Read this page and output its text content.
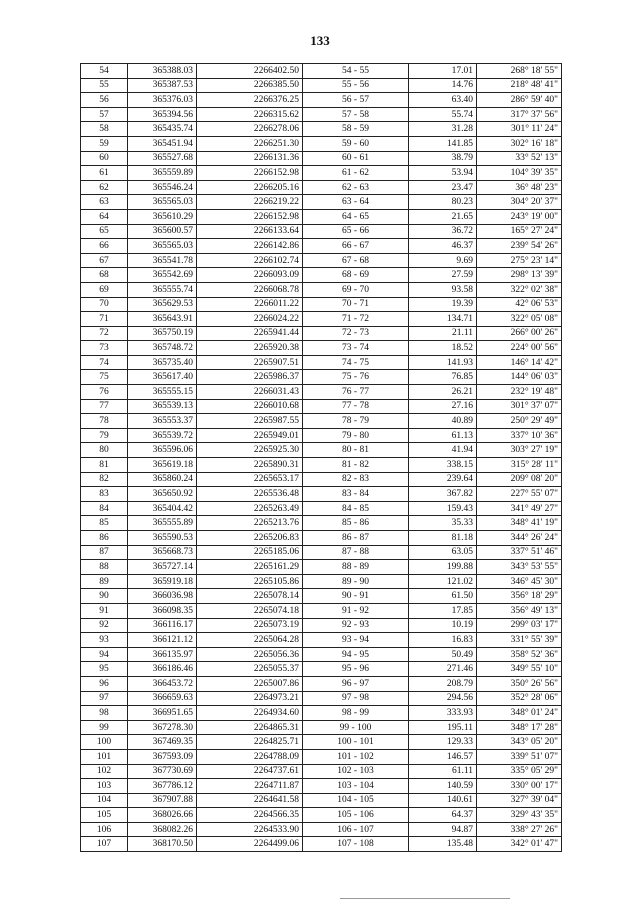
133
54	365388.03	2266402.50	54 - 55	17.01	268° 18' 55"
55	365387.53	2266385.50	55 - 56	14.76	218° 48' 41"
56	365376.03	2266376.25	56 - 57	63.40	286° 59' 40"
57	365394.56	2266315.62	57 - 58	55.74	317° 37' 56"
58	365435.74	2266278.06	58 - 59	31.28	301° 11' 24"
59	365451.94	2266251.30	59 - 60	141.85	302° 16' 18"
60	365527.68	2266131.36	60 - 61	38.79	33° 52' 13"
61	365559.89	2266152.98	61 - 62	53.94	104° 39' 35"
62	365546.24	2266205.16	62 - 63	23.47	36° 48' 23"
63	365565.03	2266219.22	63 - 64	80.23	304° 20' 37"
64	365610.29	2266152.98	64 - 65	21.65	243° 19' 00"
65	365600.57	2266133.64	65 - 66	36.72	165° 27' 24"
66	365565.03	2266142.86	66 - 67	46.37	239° 54' 26"
67	365541.78	2266102.74	67 - 68	9.69	275° 23' 14"
68	365542.69	2266093.09	68 - 69	27.59	298° 13' 39"
69	365555.74	2266068.78	69 - 70	93.58	322° 02' 38"
70	365629.53	2266011.22	70 - 71	19.39	42° 06' 53"
71	365643.91	2266024.22	71 - 72	134.71	322° 05' 08"
72	365750.19	2265941.44	72 - 73	21.11	266° 00' 26"
73	365748.72	2265920.38	73 - 74	18.52	224° 00' 56"
74	365735.40	2265907.51	74 - 75	141.93	146° 14' 42"
75	365617.40	2265986.37	75 - 76	76.85	144° 06' 03"
76	365555.15	2266031.43	76 - 77	26.21	232° 19' 48"
77	365539.13	2266010.68	77 - 78	27.16	301° 37' 07"
78	365553.37	2265987.55	78 - 79	40.89	250° 29' 49"
79	365539.72	2265949.01	79 - 80	61.13	337° 10' 36"
80	365596.06	2265925.30	80 - 81	41.94	303° 27' 19"
81	365619.18	2265890.31	81 - 82	338.15	315° 28' 11"
82	365860.24	2265653.17	82 - 83	239.64	209° 08' 20"
83	365650.92	2265536.48	83 - 84	367.82	227° 55' 07"
84	365404.42	2265263.49	84 - 85	159.43	341° 49' 27"
85	365555.89	2265213.76	85 - 86	35.33	348° 41' 19"
86	365590.53	2265206.83	86 - 87	81.18	344° 26' 24"
87	365668.73	2265185.06	87 - 88	63.05	337° 51' 46"
88	365727.14	2265161.29	88 - 89	199.88	343° 53' 55"
89	365919.18	2265105.86	89 - 90	121.02	346° 45' 30"
90	366036.98	2265078.14	90 - 91	61.50	356° 18' 29"
91	366098.35	2265074.18	91 - 92	17.85	356° 49' 13"
92	366116.17	2265073.19	92 - 93	10.19	299° 03' 17"
93	366121.12	2265064.28	93 - 94	16.83	331° 55' 39"
94	366135.97	2265056.36	94 - 95	50.49	358° 52' 36"
95	366186.46	2265055.37	95 - 96	271.46	349° 55' 10"
96	366453.72	2265007.86	96 - 97	208.79	350° 26' 56"
97	366659.63	2264973.21	97 - 98	294.56	352° 28' 06"
98	366951.65	2264934.60	98 - 99	333.93	348° 01' 24"
99	367278.30	2264865.31	99 - 100	195.11	348° 17' 28"
100	367469.35	2264825.71	100 - 101	129.33	343° 05' 20"
101	367593.09	2264788.09	101 - 102	146.57	339° 51' 07"
102	367730.69	2264737.61	102 - 103	61.11	335° 05' 29"
103	367786.12	2264711.87	103 - 104	140.59	330° 00' 17"
104	367907.88	2264641.58	104 - 105	140.61	327° 39' 04"
105	368026.66	2264566.35	105 - 106	64.37	329° 43' 35"
106	368082.26	2264533.90	106 - 107	94.87	338° 27' 26"
107	368170.50	2264499.06	107 - 108	135.48	342° 01' 47"
